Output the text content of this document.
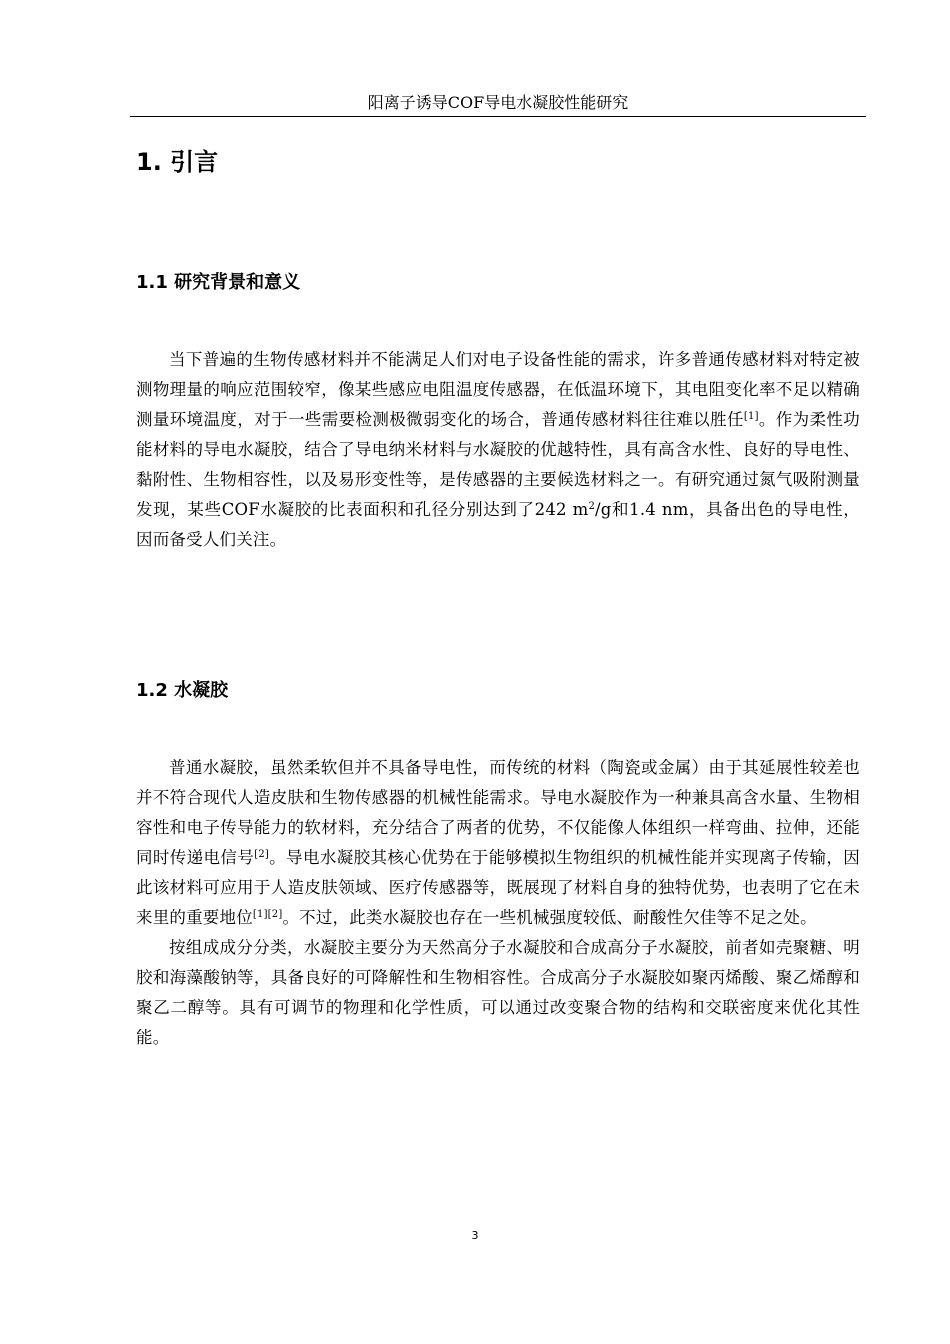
阳离子诱导COF导电水凝胶性能研究
1. 引言
1.1 研究背景和意义

当下普遍的生物传感材料并不能满足人们对电子设备性能的需求，许多普通传感材料对特定被测物理量的响应范围较窄，像某些感应电阻温度传感器，在低温环境下，其电阻变化率不足以精确测量环境温度，对于一些需要检测极微弱变化的场合，普通传感材料往往难以胜任[1]。作为柔性功能材料的导电水凝胶，结合了导电纳米材料与水凝胶的优越特性，具有高含水性、良好的导电性、黏附性、生物相容性，以及易形变性等，是传感器的主要候选材料之一。有研究通过氮气吸附测量发现，某些COF水凝胶的比表面积和孔径分别达到了242 $m^2/g$和1.4 nm，具备出色的导电性，因而备受人们关注。

1.2 水凝胶

普通水凝胶，虽然柔软但并不具备导电性，而传统的材料（陶瓷或金属）由于其延展性较差也并不符合现代人造皮肤和生物传感器的机械性能需求。导电水凝胶作为一种兼具高含水量、生物相容性和电子传导能力的软材料，充分结合了两者的优势，不仅能像人体组织一样弯曲、拉伸，还能同时传递电信号[2]。导电水凝胶其核心优势在于能够模拟生物组织的机械性能并实现离子传输，因此该材料可应用于人造皮肤领域、医疗传感器等，既展现了材料自身的独特优势，也表明了它在未来里的重要地位[1][2]。不过，此类水凝胶也存在一些机械强度较低、耐酸性欠佳等不足之处。

按组成成分分类，水凝胶主要分为天然高分子水凝胶和合成高分子水凝胶，前者如壳聚糖、明胶和海藻酸钠等，具备良好的可降解性和生物相容性。合成高分子水凝胶如聚丙烯酸、聚乙烯醇和聚乙二醇等。具有可调节的物理和化学性质，可以通过改变聚合物的结构和交联密度来优化其性能。

3
